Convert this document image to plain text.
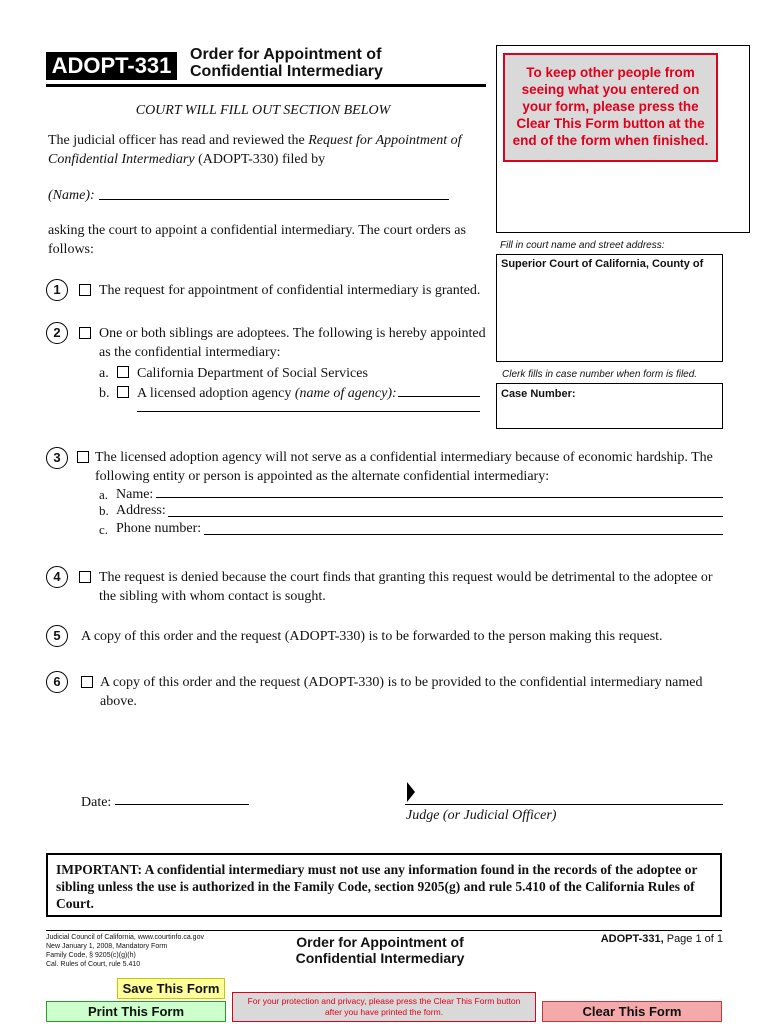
ADOPT-331	Order for Appointment of
Confidential Intermediary
COURT WILL FILL OUT SECTION BELOW
To keep other people from seeing what you entered on your form, please press the Clear This Form button at the end of the form when finished.
Fill in court name and street address:
Superior Court of California, County of
Clerk fills in case number when form is filed.
Case Number:
The judicial officer has read and reviewed the Request for Appointment of
Confidential Intermediary (ADOPT-330) filed by
(Name):
asking the court to appoint a confidential intermediary. The court orders as
follows:
1	The request for appointment of confidential intermediary is granted.
2	One or both siblings are adoptees. The following is hereby appointed
as the confidential intermediary:
a. California Department of Social Services
b. A licensed adoption agency (name of agency):
3	The licensed adoption agency will not serve as a confidential intermediary because of economic hardship. The
following entity or person is appointed as the alternate confidential intermediary:
a. Name:
b. Address:
c. Phone number:
4	The request is denied because the court finds that granting this request would be detrimental to the adoptee or
the sibling with whom contact is sought.
5	A copy of this order and the request (ADOPT-330) is to be forwarded to the person making this request.
6	A copy of this order and the request (ADOPT-330) is to be provided to the confidential intermediary named
above.
Date:
Judge (or Judicial Officer)
IMPORTANT: A confidential intermediary must not use any information found in the records of the adoptee or sibling unless the use is authorized in the Family Code, section 9205(g) and rule 5.410 of the California Rules of Court.
Judicial Council of California, www.courtinfo.ca.gov
New January 1, 2008, Mandatory Form
Family Code, § 9205(c)(g)(h)
Cal. Rules of Court, rule 5.410
Order for Appointment of
Confidential Intermediary
ADOPT-331, Page 1 of 1
Save This Form
Print This Form
For your protection and privacy, please press the Clear This Form button after you have printed the form.	Clear This Form
